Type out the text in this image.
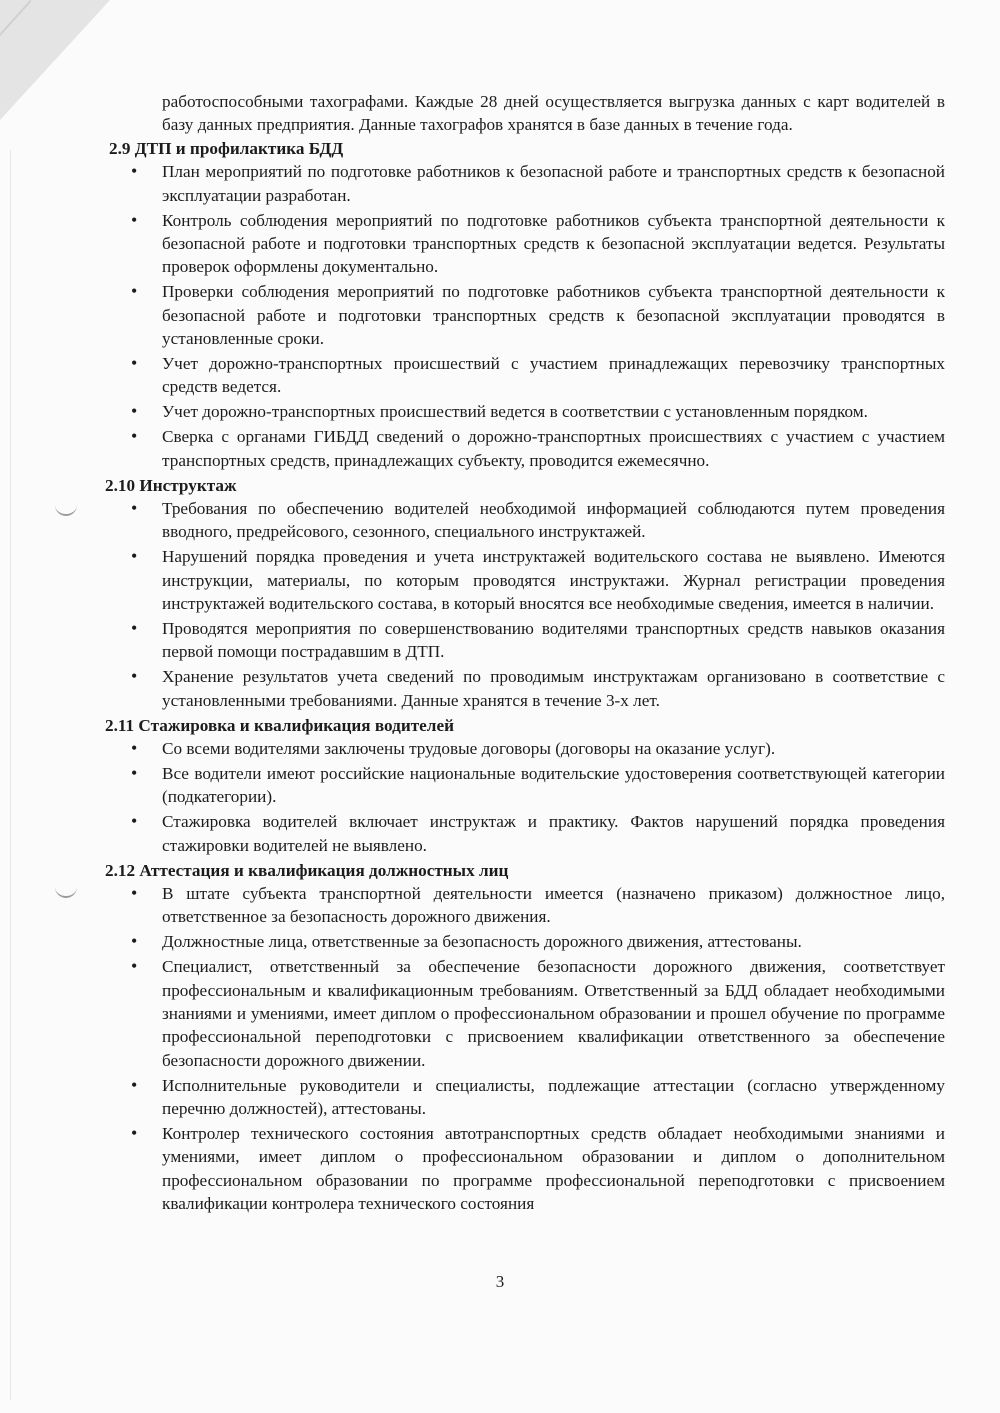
работоспособными тахографами. Каждые 28 дней осуществляется выгрузка данных с карт водителей в базу данных предприятия. Данные тахографов хранятся в базе данных в течение года.

2.9 ДТП и профилактика БДД
• План мероприятий по подготовке работников к безопасной работе и транспортных средств к безопасной эксплуатации разработан.
• Контроль соблюдения мероприятий по подготовке работников субъекта транспортной деятельности к безопасной работе и подготовки транспортных средств к безопасной эксплуатации ведется. Результаты проверок оформлены документально.
• Проверки соблюдения мероприятий по подготовке работников субъекта транспортной деятельности к безопасной работе и подготовки транспортных средств к безопасной эксплуатации проводятся в установленные сроки.
• Учет дорожно-транспортных происшествий с участием принадлежащих перевозчику транспортных средств ведется.
• Учет дорожно-транспортных происшествий ведется в соответствии с установленным порядком.
• Сверка с органами ГИБДД сведений о дорожно-транспортных происшествиях с участием с участием транспортных средств, принадлежащих субъекту, проводится ежемесячно.
2.10 Инструктаж
• Требования по обеспечению водителей необходимой информацией соблюдаются путем проведения вводного, предрейсового, сезонного, специального инструктажей.
• Нарушений порядка проведения и учета инструктажей водительского состава не выявлено. Имеются инструкции, материалы, по которым проводятся инструктажи. Журнал регистрации проведения инструктажей водительского состава, в который вносятся все необходимые сведения, имеется в наличии.
• Проводятся мероприятия по совершенствованию водителями транспортных средств навыков оказания первой помощи пострадавшим в ДТП.
• Хранение результатов учета сведений по проводимым инструктажам организовано в соответствие с установленными требованиями. Данные хранятся в течение 3-х лет.
2.11 Стажировка и квалификация водителей
• Со всеми водителями заключены трудовые договоры (договоры на оказание услуг).
• Все водители имеют российские национальные водительские удостоверения соответствующей категории (подкатегории).
• Стажировка водителей включает инструктаж и практику. Фактов нарушений порядка проведения стажировки водителей не выявлено.
2.12 Аттестация и квалификация должностных лиц
• В штате субъекта транспортной деятельности имеется (назначено приказом) должностное лицо, ответственное за безопасность дорожного движения.
• Должностные лица, ответственные за безопасность дорожного движения, аттестованы.
• Специалист, ответственный за обеспечение безопасности дорожного движения, соответствует профессиональным и квалификационным требованиям. Ответственный за БДД обладает необходимыми знаниями и умениями, имеет диплом о профессиональном образовании и прошел обучение по программе профессиональной переподготовки с присвоением квалификации ответственного за обеспечение безопасности дорожного движении.
• Исполнительные руководители и специалисты, подлежащие аттестации (согласно утвержденному перечню должностей), аттестованы.
• Контролер технического состояния автотранспортных средств обладает необходимыми знаниями и умениями, имеет диплом о профессиональном образовании и диплом о дополнительном профессиональном образовании по программе профессиональной переподготовки с присвоением квалификации контролера технического состояния
3
